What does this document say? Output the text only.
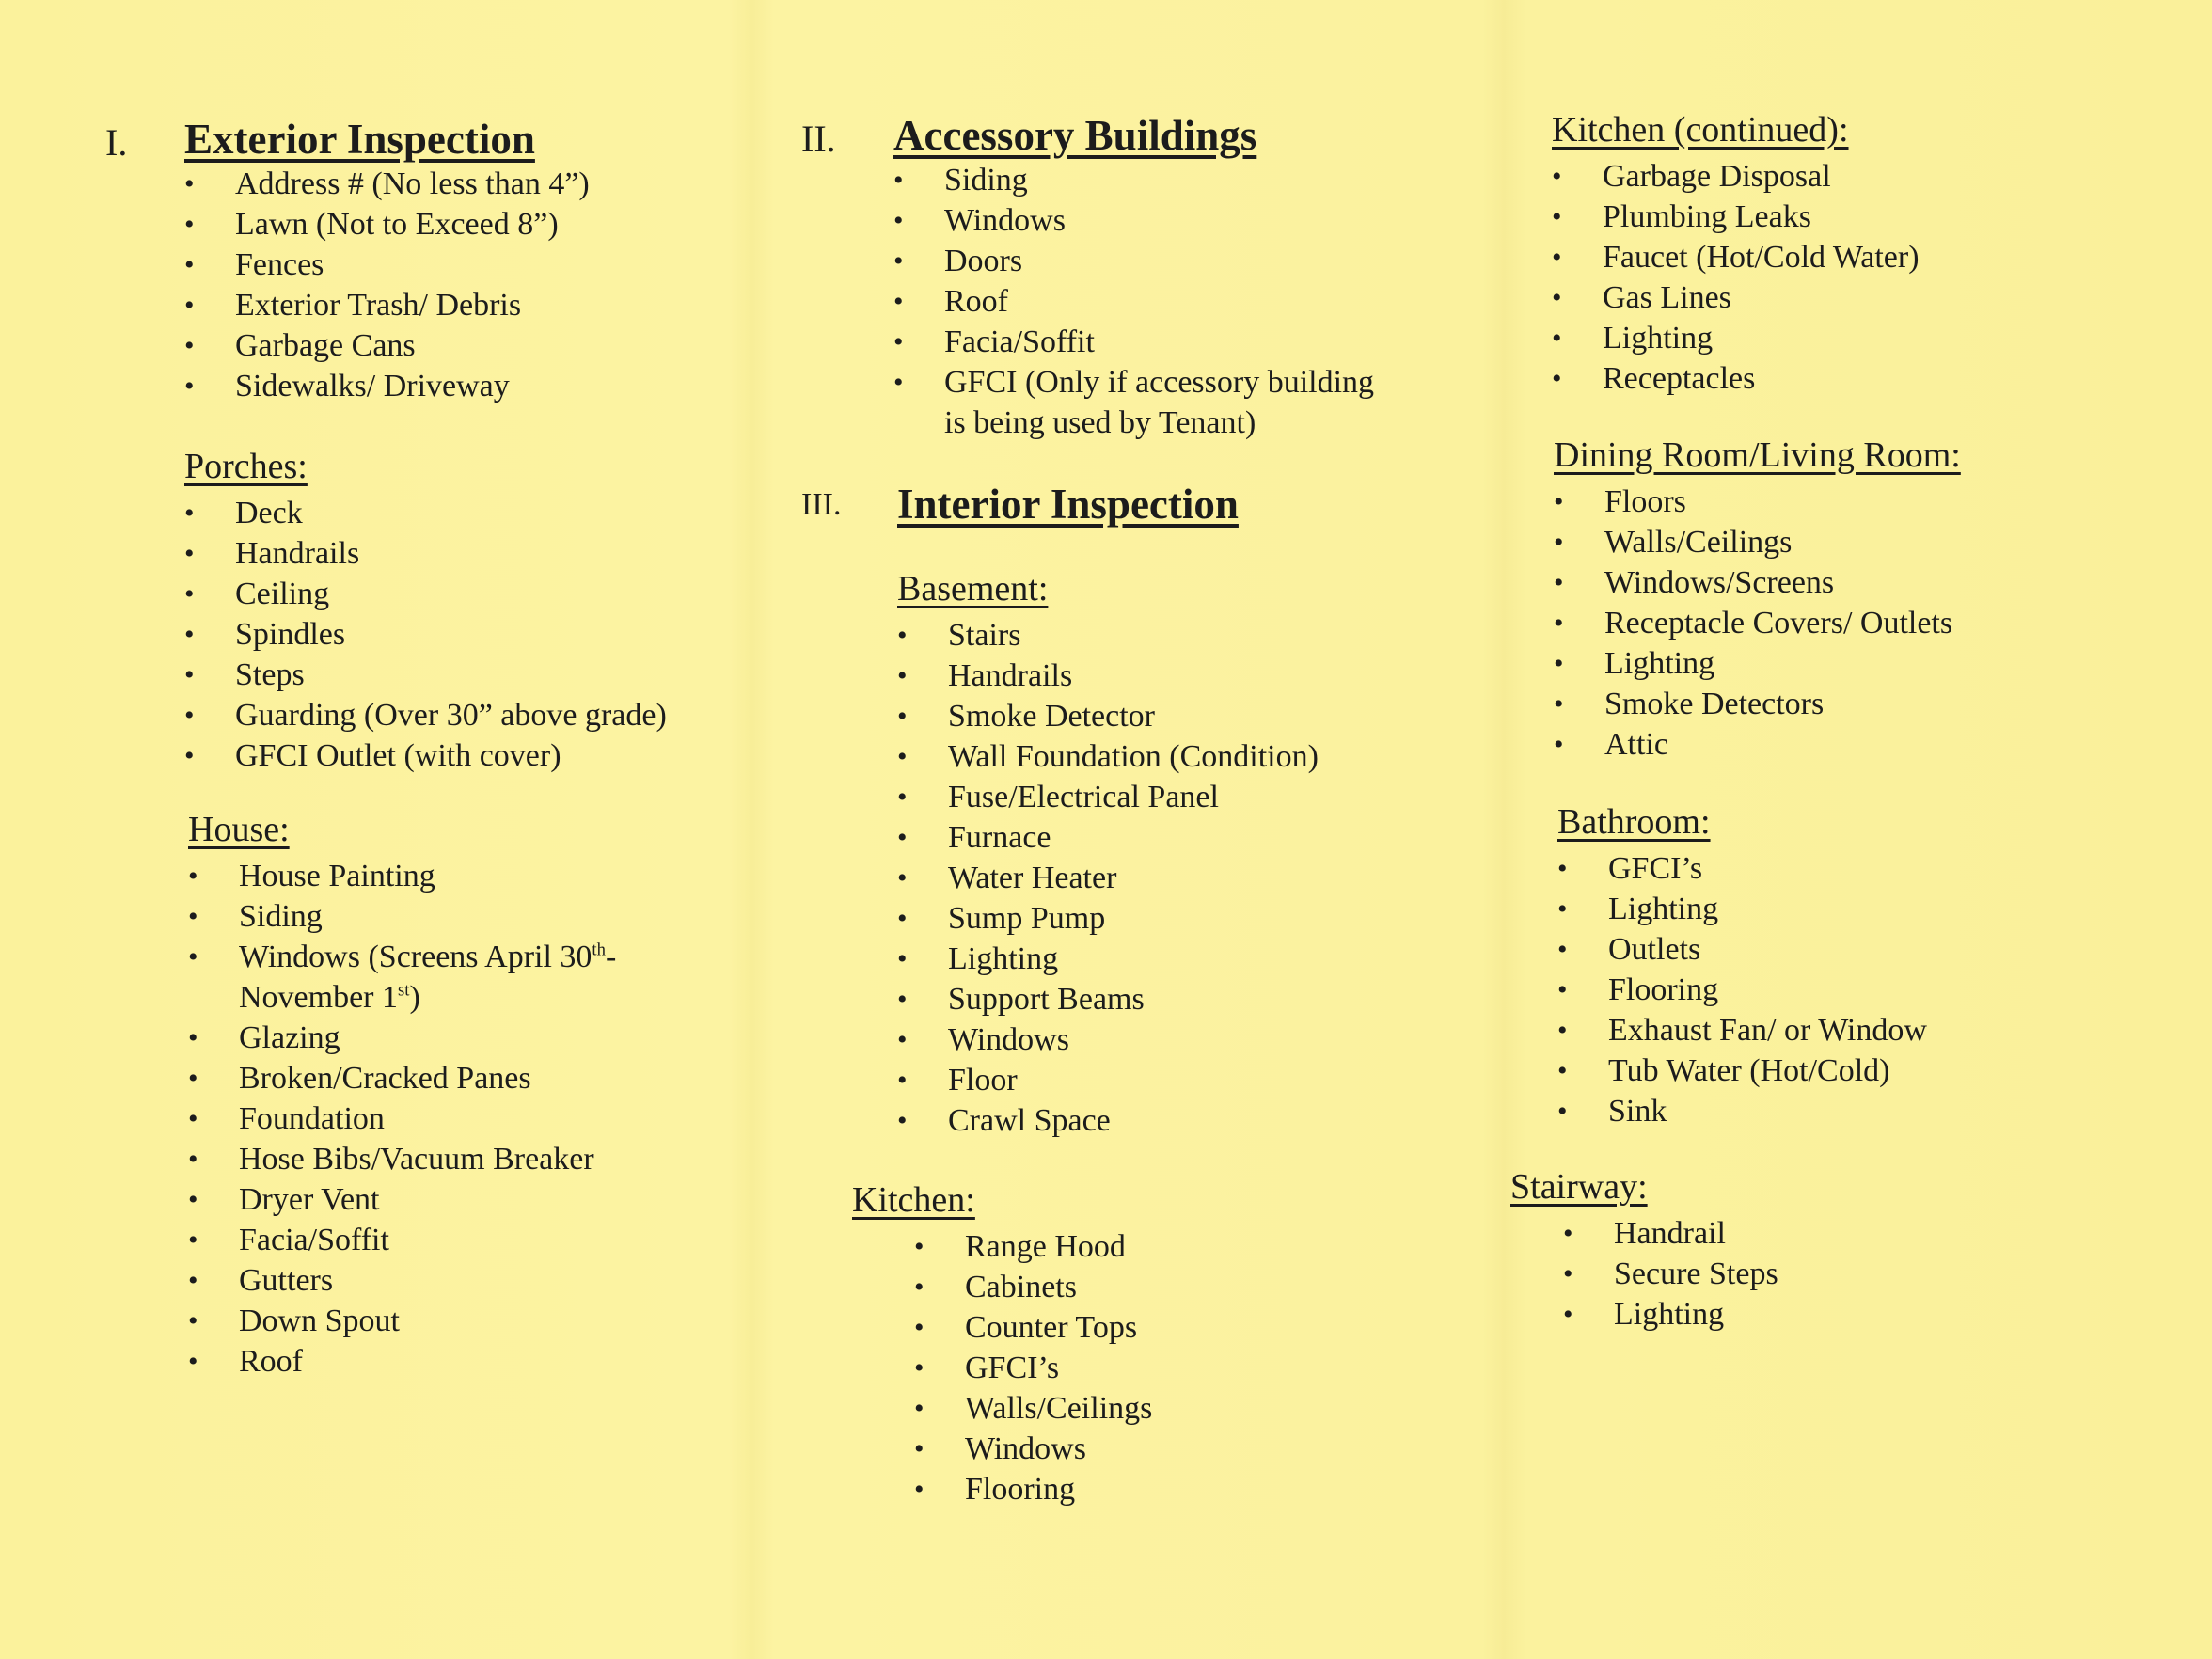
I. Exterior Inspection
• Address # (No less than 4”)
• Lawn (Not to Exceed 8”)
• Fences
• Exterior Trash/ Debris
• Garbage Cans
• Sidewalks/ Driveway
Porches:
• Deck
• Handrails
• Ceiling
• Spindles
• Steps
• Guarding (Over 30” above grade)
• GFCI Outlet (with cover)
House:
• House Painting
• Siding
• Windows (Screens April 30th-
November 1st)
• Glazing
• Broken/Cracked Panes
• Foundation
• Hose Bibs/Vacuum Breaker
• Dryer Vent
• Facia/Soffit
• Gutters
• Down Spout
• Roof
II. Accessory Buildings
• Siding
• Windows
• Doors
• Roof
• Facia/Soffit
• GFCI (Only if accessory building
is being used by Tenant)
III. Interior Inspection
Basement:
• Stairs
• Handrails
• Smoke Detector
• Wall Foundation (Condition)
• Fuse/Electrical Panel
• Furnace
• Water Heater
• Sump Pump
• Lighting
• Support Beams
• Windows
• Floor
• Crawl Space
Kitchen:
• Range Hood
• Cabinets
• Counter Tops
• GFCI’s
• Walls/Ceilings
• Windows
• Flooring
Kitchen (continued):
• Garbage Disposal
• Plumbing Leaks
• Faucet (Hot/Cold Water)
• Gas Lines
• Lighting
• Receptacles
Dining Room/Living Room:
• Floors
• Walls/Ceilings
• Windows/Screens
• Receptacle Covers/ Outlets
• Lighting
• Smoke Detectors
• Attic
Bathroom:
• GFCI’s
• Lighting
• Outlets
• Flooring
• Exhaust Fan/ or Window
• Tub Water (Hot/Cold)
• Sink
Stairway:
• Handrail
• Secure Steps
• Lighting
